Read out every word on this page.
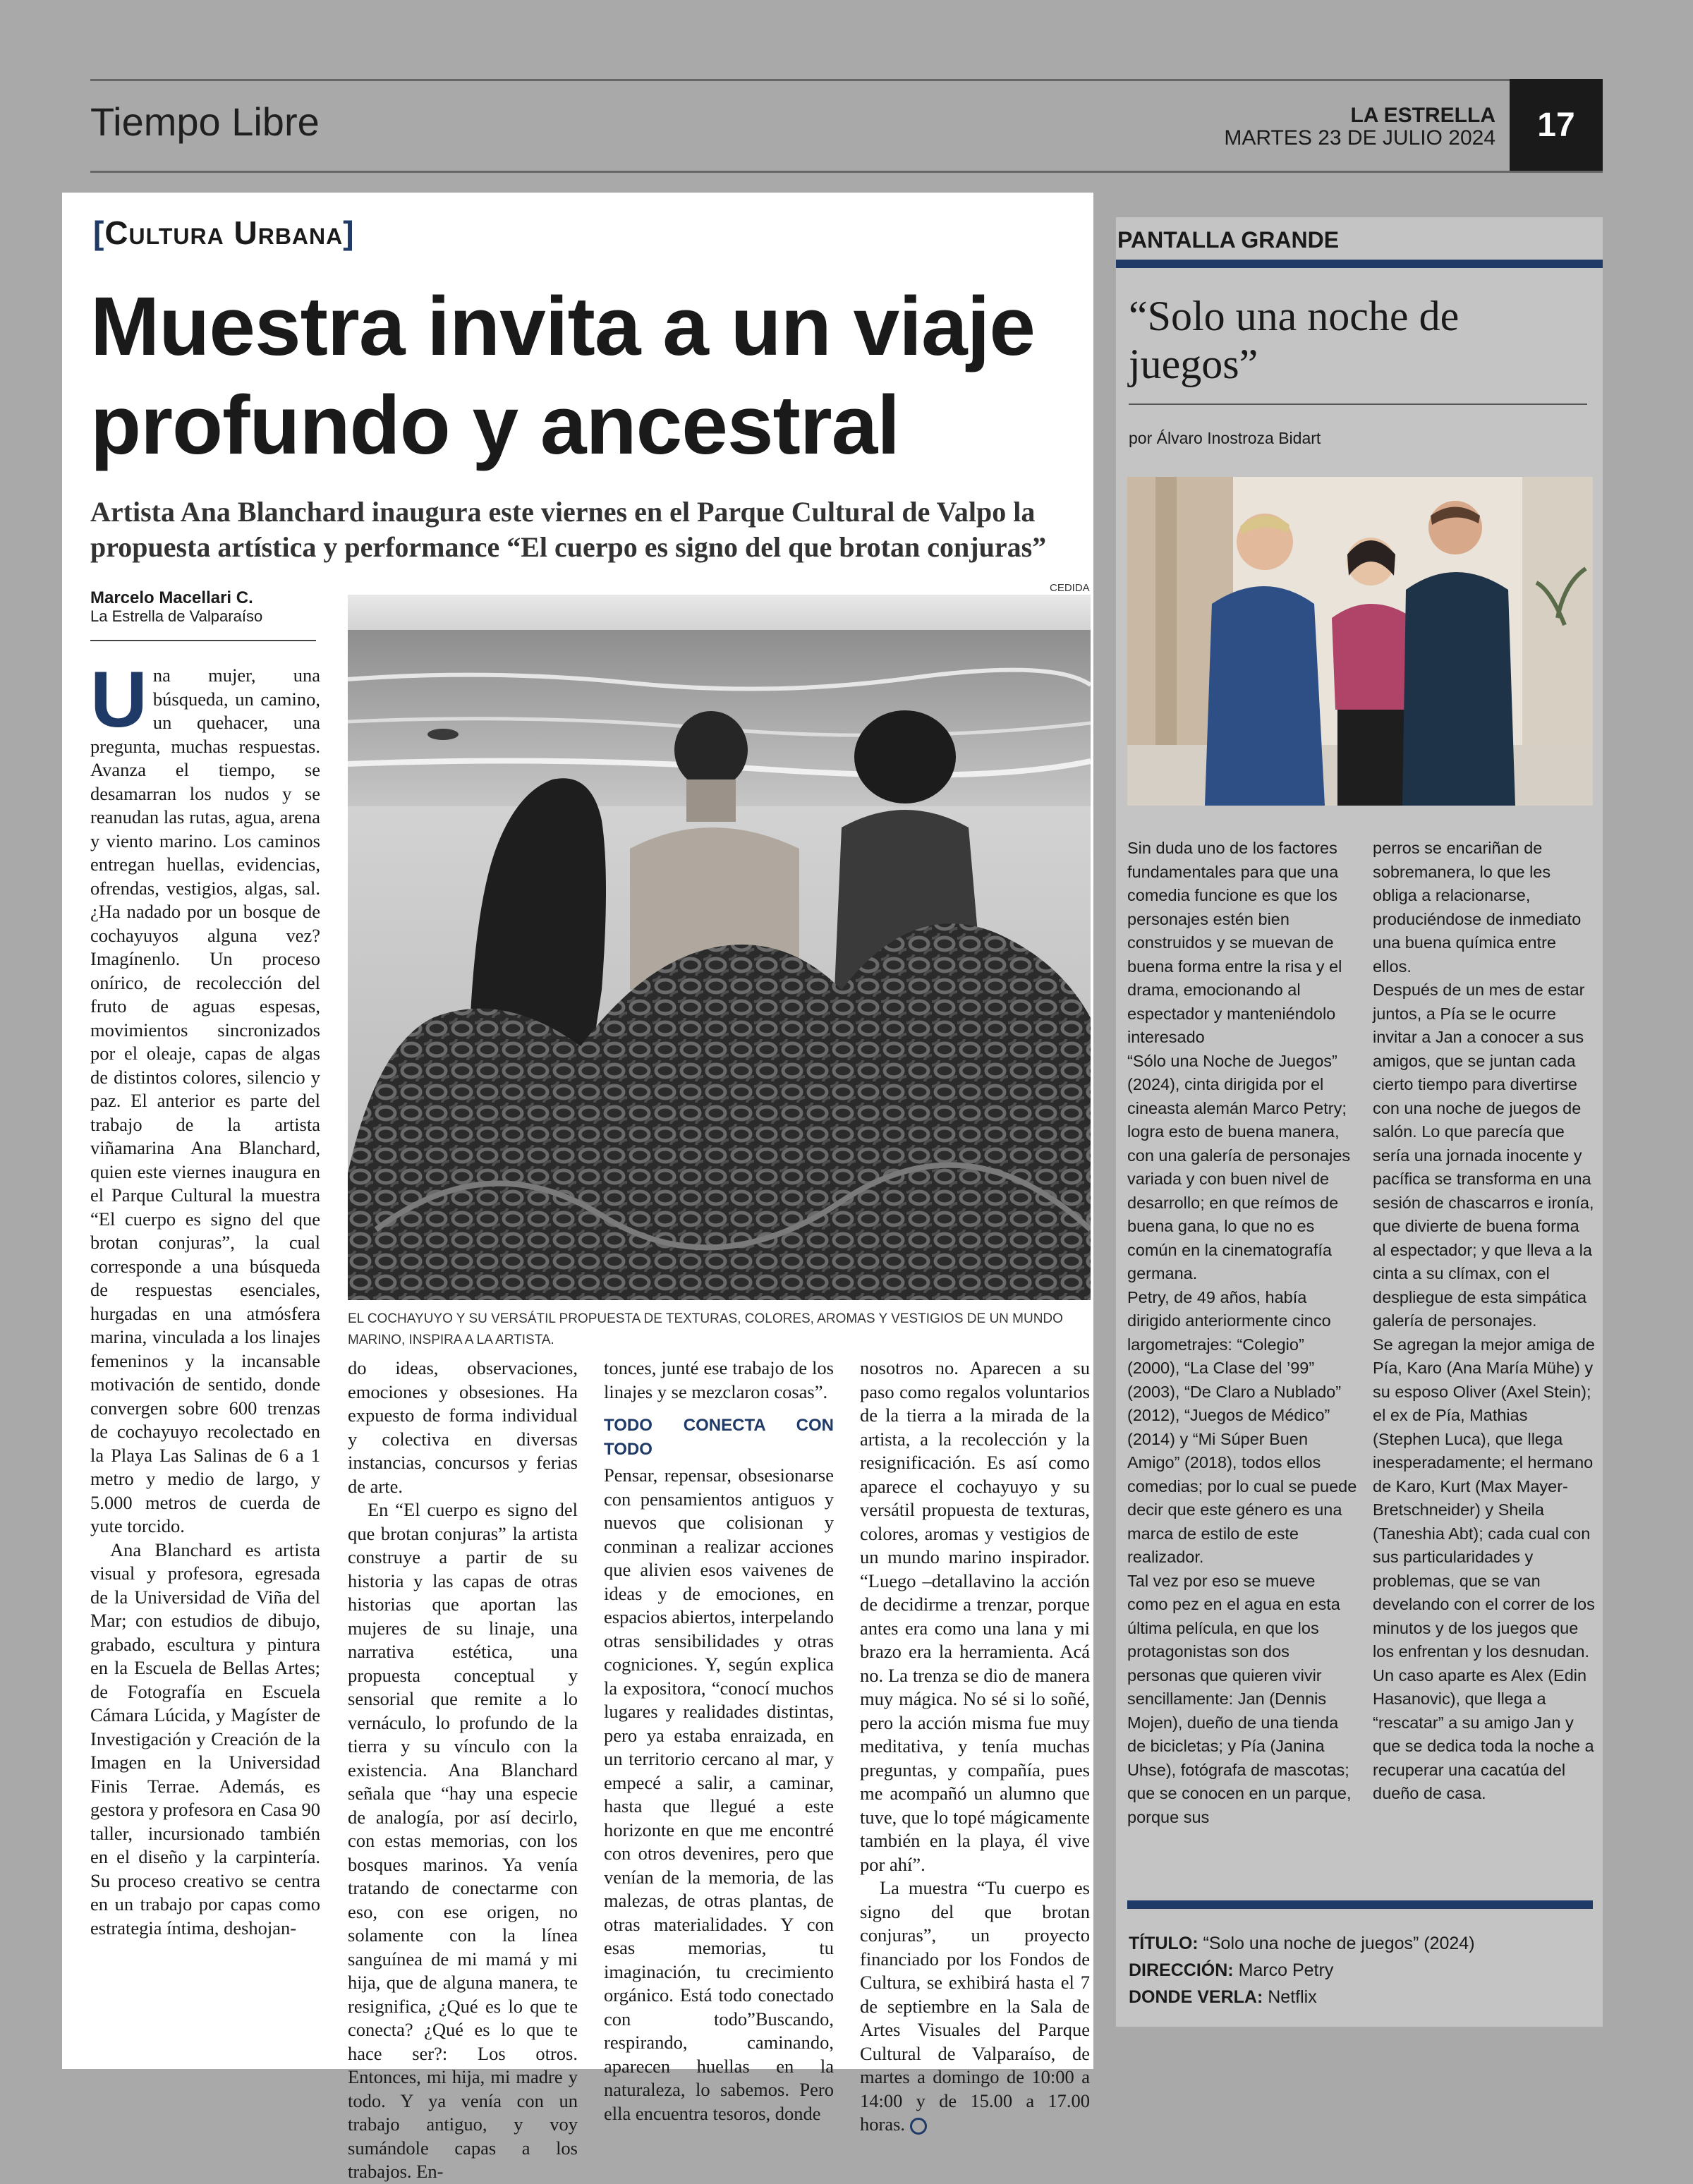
Tiempo Libre	LA ESTRELLA
MARTES 23 DE JULIO 2024	17
[Cultura Urbana]
Muestra invita a un viaje profundo y ancestral
Artista Ana Blanchard inaugura este viernes en el Parque Cultural de Valpo la propuesta artística y performance “El cuerpo es signo del que brotan conjuras”
Marcelo Macellari C.
La Estrella de Valparaíso
CEDIDA
EL COCHAYUYO Y SU VERSÁTIL PROPUESTA DE TEXTURAS, COLORES, AROMAS Y VESTIGIOS DE UN MUNDO MARINO, INSPIRA A LA ARTISTA.

Una mujer, una búsqueda, un camino, un quehacer, una pregunta, muchas respuestas. Avanza el tiempo, se desamarran los nudos y se reanudan las rutas, agua, arena y viento marino. Los caminos entregan huellas, evidencias, ofrendas, vestigios, algas, sal. ¿Ha nadado por un bosque de cochayuyos alguna vez? Imagínenlo. Un proceso onírico, de recolección del fruto de aguas espesas, movimientos sincronizados por el oleaje, capas de algas de distintos colores, silencio y paz. El anterior es parte del trabajo de la artista viñamarina Ana Blanchard, quien este viernes inaugura en el Parque Cultural la muestra “El cuerpo es signo del que brotan conjuras”, la cual corresponde a una búsqueda de respuestas esenciales, hurgadas en una atmósfera marina, vinculada a los linajes femeninos y la incansable motivación de sentido, donde convergen sobre 600 trenzas de cochayuyo recolectado en la Playa Las Salinas de 6 a 1 metro y medio de largo, y 5.000 metros de cuerda de yute torcido.

Ana Blanchard es artista visual y profesora, egresada de la Universidad de Viña del Mar; con estudios de dibujo, grabado, escultura y pintura en la Escuela de Bellas Artes; de Fotografía en Escuela Cámara Lúcida, y Magíster de Investigación y Creación de la Imagen en la Universidad Finis Terrae. Además, es gestora y profesora en Casa 90 taller, incursionado también en el diseño y la carpintería. Su proceso creativo se centra en un trabajo por capas como estrategia íntima, deshojan-

do ideas, observaciones, emociones y obsesiones. Ha expuesto de forma individual y colectiva en diversas instancias, concursos y ferias de arte.

En “El cuerpo es signo del que brotan conjuras” la artista construye a partir de su historia y las capas de otras historias que aportan las mujeres de su linaje, una narrativa estética, una propuesta conceptual y sensorial que remite a lo vernáculo, lo profundo de la tierra y su vínculo con la existencia. Ana Blanchard señala que “hay una especie de analogía, por así decirlo, con estas memorias, con los bosques marinos. Ya venía tratando de conectarme con eso, con ese origen, no solamente con la línea sanguínea de mi mamá y mi hija, que de alguna manera, te resignifica, ¿Qué es lo que te conecta? ¿Qué es lo que te hace ser?: Los otros. Entonces, mi hija, mi madre y todo. Y ya venía con un trabajo antiguo, y voy sumándole capas a los trabajos. En-

tonces, junté ese trabajo de los linajes y se mezclaron cosas”.

TODO CONECTA CON TODO

Pensar, repensar, obsesionarse con pensamientos antiguos y nuevos que colisionan y conminan a realizar acciones que alivien esos vaivenes de ideas y de emociones, en espacios abiertos, interpelando otras sensibilidades y otras cogniciones. Y, según explica la expositora, “conocí muchos lugares y realidades distintas, pero ya estaba enraizada, en un territorio cercano al mar, y empecé a salir, a caminar, hasta que llegué a este horizonte en que me encontré con otros devenires, pero que venían de la memoria, de las malezas, de otras plantas, de otras materialidades. Y con esas memorias, tu imaginación, tu crecimiento orgánico. Está todo conectado con todo”Buscando, respirando, caminando, aparecen huellas en la naturaleza, lo sabemos. Pero ella encuentra tesoros, donde

nosotros no. Aparecen a su paso como regalos voluntarios de la tierra a la mirada de la artista, a la recolección y la resignificación. Es así como aparece el cochayuyo y su versátil propuesta de texturas, colores, aromas y vestigios de un mundo marino inspirador. “Luego –detallavino la acción de decidirme a trenzar, porque antes era como una lana y mi brazo era la herramienta. Acá no. La trenza se dio de manera muy mágica. No sé si lo soñé, pero la acción misma fue muy meditativa, y tenía muchas preguntas, y compañía, pues me acompañó un alumno que tuve, que lo topé mágicamente también en la playa, él vive por ahí”.

La muestra “Tu cuerpo es signo del que brotan conjuras”, un proyecto financiado por los Fondos de Cultura, se exhibirá hasta el 7 de septiembre en la Sala de Artes Visuales del Parque Cultural de Valparaíso, de martes a domingo de 10:00 a 14:00 y de 15.00 a 17.00 horas.

PANTALLA GRANDE
“Solo una noche de juegos”
por Álvaro Inostroza Bidart

Sin duda uno de los factores fundamentales para que una comedia funcione es que los personajes estén bien construidos y se muevan de buena forma entre la risa y el drama, emocionando al espectador y manteniéndolo interesado

“Sólo una Noche de Juegos” (2024), cinta dirigida por el cineasta alemán Marco Petry; logra esto de buena manera, con una galería de personajes variada y con buen nivel de desarrollo; en que reímos de buena gana, lo que no es común en la cinematografía germana.

Petry, de 49 años, había dirigido anteriormente cinco largometrajes: “Colegio” (2000), “La Clase del ’99” (2003), “De Claro a Nublado” (2012), “Juegos de Médico” (2014) y “Mi Súper Buen Amigo” (2018), todos ellos comedias; por lo cual se puede decir que este género es una marca de estilo de este realizador.

Tal vez por eso se mueve como pez en el agua en esta última película, en que los protagonistas son dos personas que quieren vivir sencillamente: Jan (Dennis Mojen), dueño de una tienda de bicicletas; y Pía (Janina Uhse), fotógrafa de mascotas; que se conocen en un parque, porque sus

perros se encariñan de sobremanera, lo que les obliga a relacionarse, produciéndose de inmediato una buena química entre ellos.

Después de un mes de estar juntos, a Pía se le ocurre invitar a Jan a conocer a sus amigos, que se juntan cada cierto tiempo para divertirse con una noche de juegos de salón. Lo que parecía que sería una jornada inocente y pacífica se transforma en una sesión de chascarros e ironía, que divierte de buena forma al espectador; y que lleva a la cinta a su clímax, con el despliegue de esta simpática galería de personajes.

Se agregan la mejor amiga de Pía, Karo (Ana María Mühe) y su esposo Oliver (Axel Stein); el ex de Pía, Mathias (Stephen Luca), que llega inesperadamente; el hermano de Karo, Kurt (Max Mayer-Bretschneider) y Sheila (Taneshia Abt); cada cual con sus particularidades y problemas, que se van develando con el correr de los minutos y de los juegos que los enfrentan y los desnudan. Un caso aparte es Alex (Edin Hasanovic), que llega a “rescatar” a su amigo Jan y que se dedica toda la noche a recuperar una cacatúa del dueño de casa.

TÍTULO: “Solo una noche de juegos” (2024)
DIRECCIÓN: Marco Petry
DONDE VERLA: Netflix
